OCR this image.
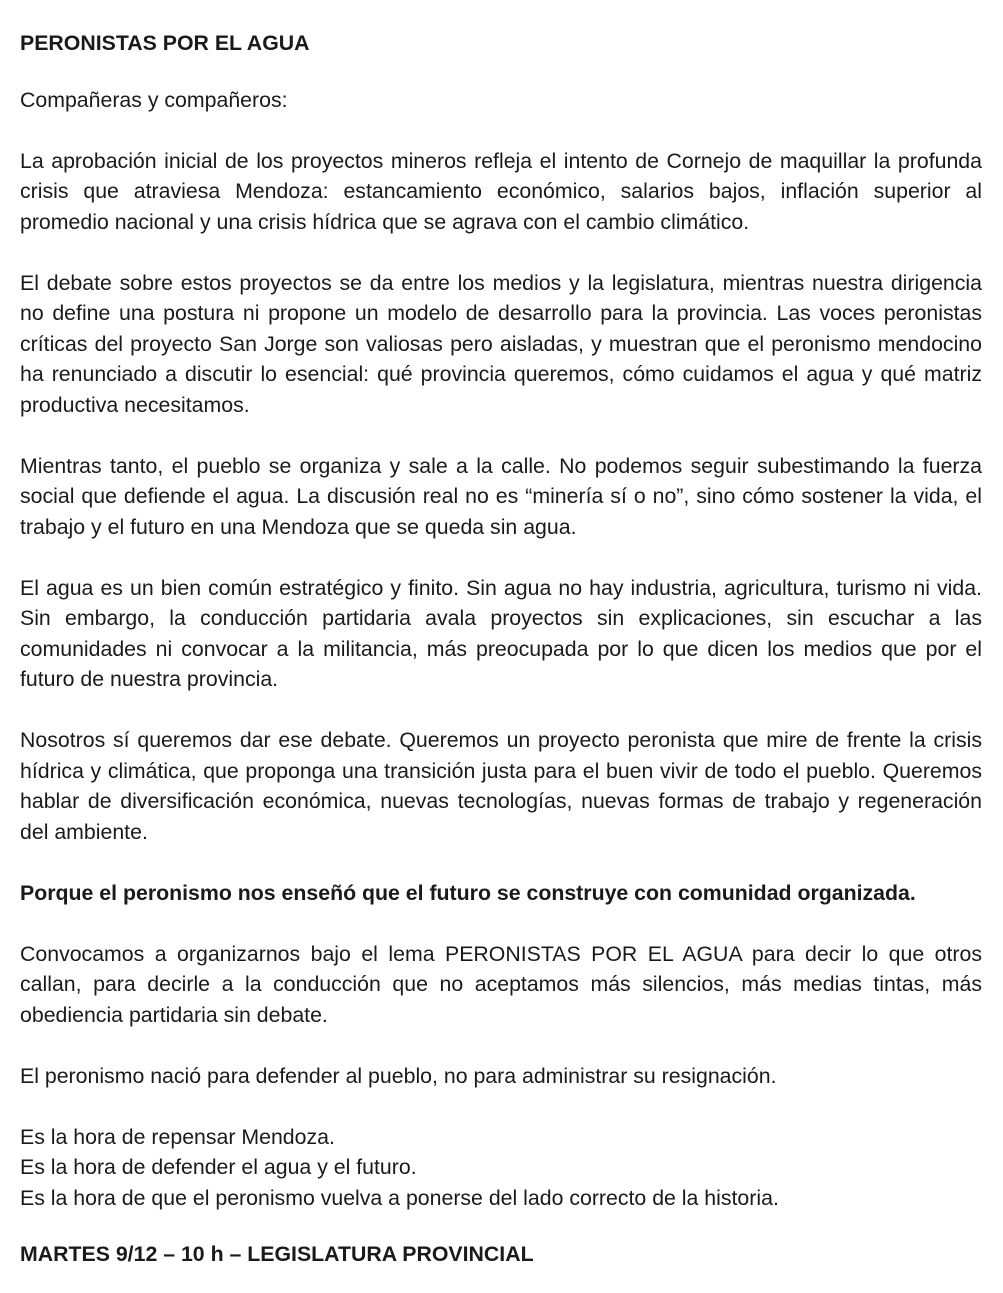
PERONISTAS POR EL AGUA

Compañeras y compañeros:

La aprobación inicial de los proyectos mineros refleja el intento de Cornejo de maquillar la profunda crisis que atraviesa Mendoza: estancamiento económico, salarios bajos, inflación superior al promedio nacional y una crisis hídrica que se agrava con el cambio climático.

El debate sobre estos proyectos se da entre los medios y la legislatura, mientras nuestra dirigencia no define una postura ni propone un modelo de desarrollo para la provincia. Las voces peronistas críticas del proyecto San Jorge son valiosas pero aisladas, y muestran que el peronismo mendocino ha renunciado a discutir lo esencial: qué provincia queremos, cómo cuidamos el agua y qué matriz productiva necesitamos.

Mientras tanto, el pueblo se organiza y sale a la calle. No podemos seguir subestimando la fuerza social que defiende el agua. La discusión real no es “minería sí o no”, sino cómo sostener la vida, el trabajo y el futuro en una Mendoza que se queda sin agua.

El agua es un bien común estratégico y finito. Sin agua no hay industria, agricultura, turismo ni vida. Sin embargo, la conducción partidaria avala proyectos sin explicaciones, sin escuchar a las comunidades ni convocar a la militancia, más preocupada por lo que dicen los medios que por el futuro de nuestra provincia.

Nosotros sí queremos dar ese debate. Queremos un proyecto peronista que mire de frente la crisis hídrica y climática, que proponga una transición justa para el buen vivir de todo el pueblo. Queremos hablar de diversificación económica, nuevas tecnologías, nuevas formas de trabajo y regeneración del ambiente.

Porque el peronismo nos enseñó que el futuro se construye con comunidad organizada.

Convocamos a organizarnos bajo el lema PERONISTAS POR EL AGUA para decir lo que otros callan, para decirle a la conducción que no aceptamos más silencios, más medias tintas, más obediencia partidaria sin debate.

El peronismo nació para defender al pueblo, no para administrar su resignación.

Es la hora de repensar Mendoza.
Es la hora de defender el agua y el futuro.
Es la hora de que el peronismo vuelva a ponerse del lado correcto de la historia.

MARTES 9/12 – 10 h – LEGISLATURA PROVINCIAL
